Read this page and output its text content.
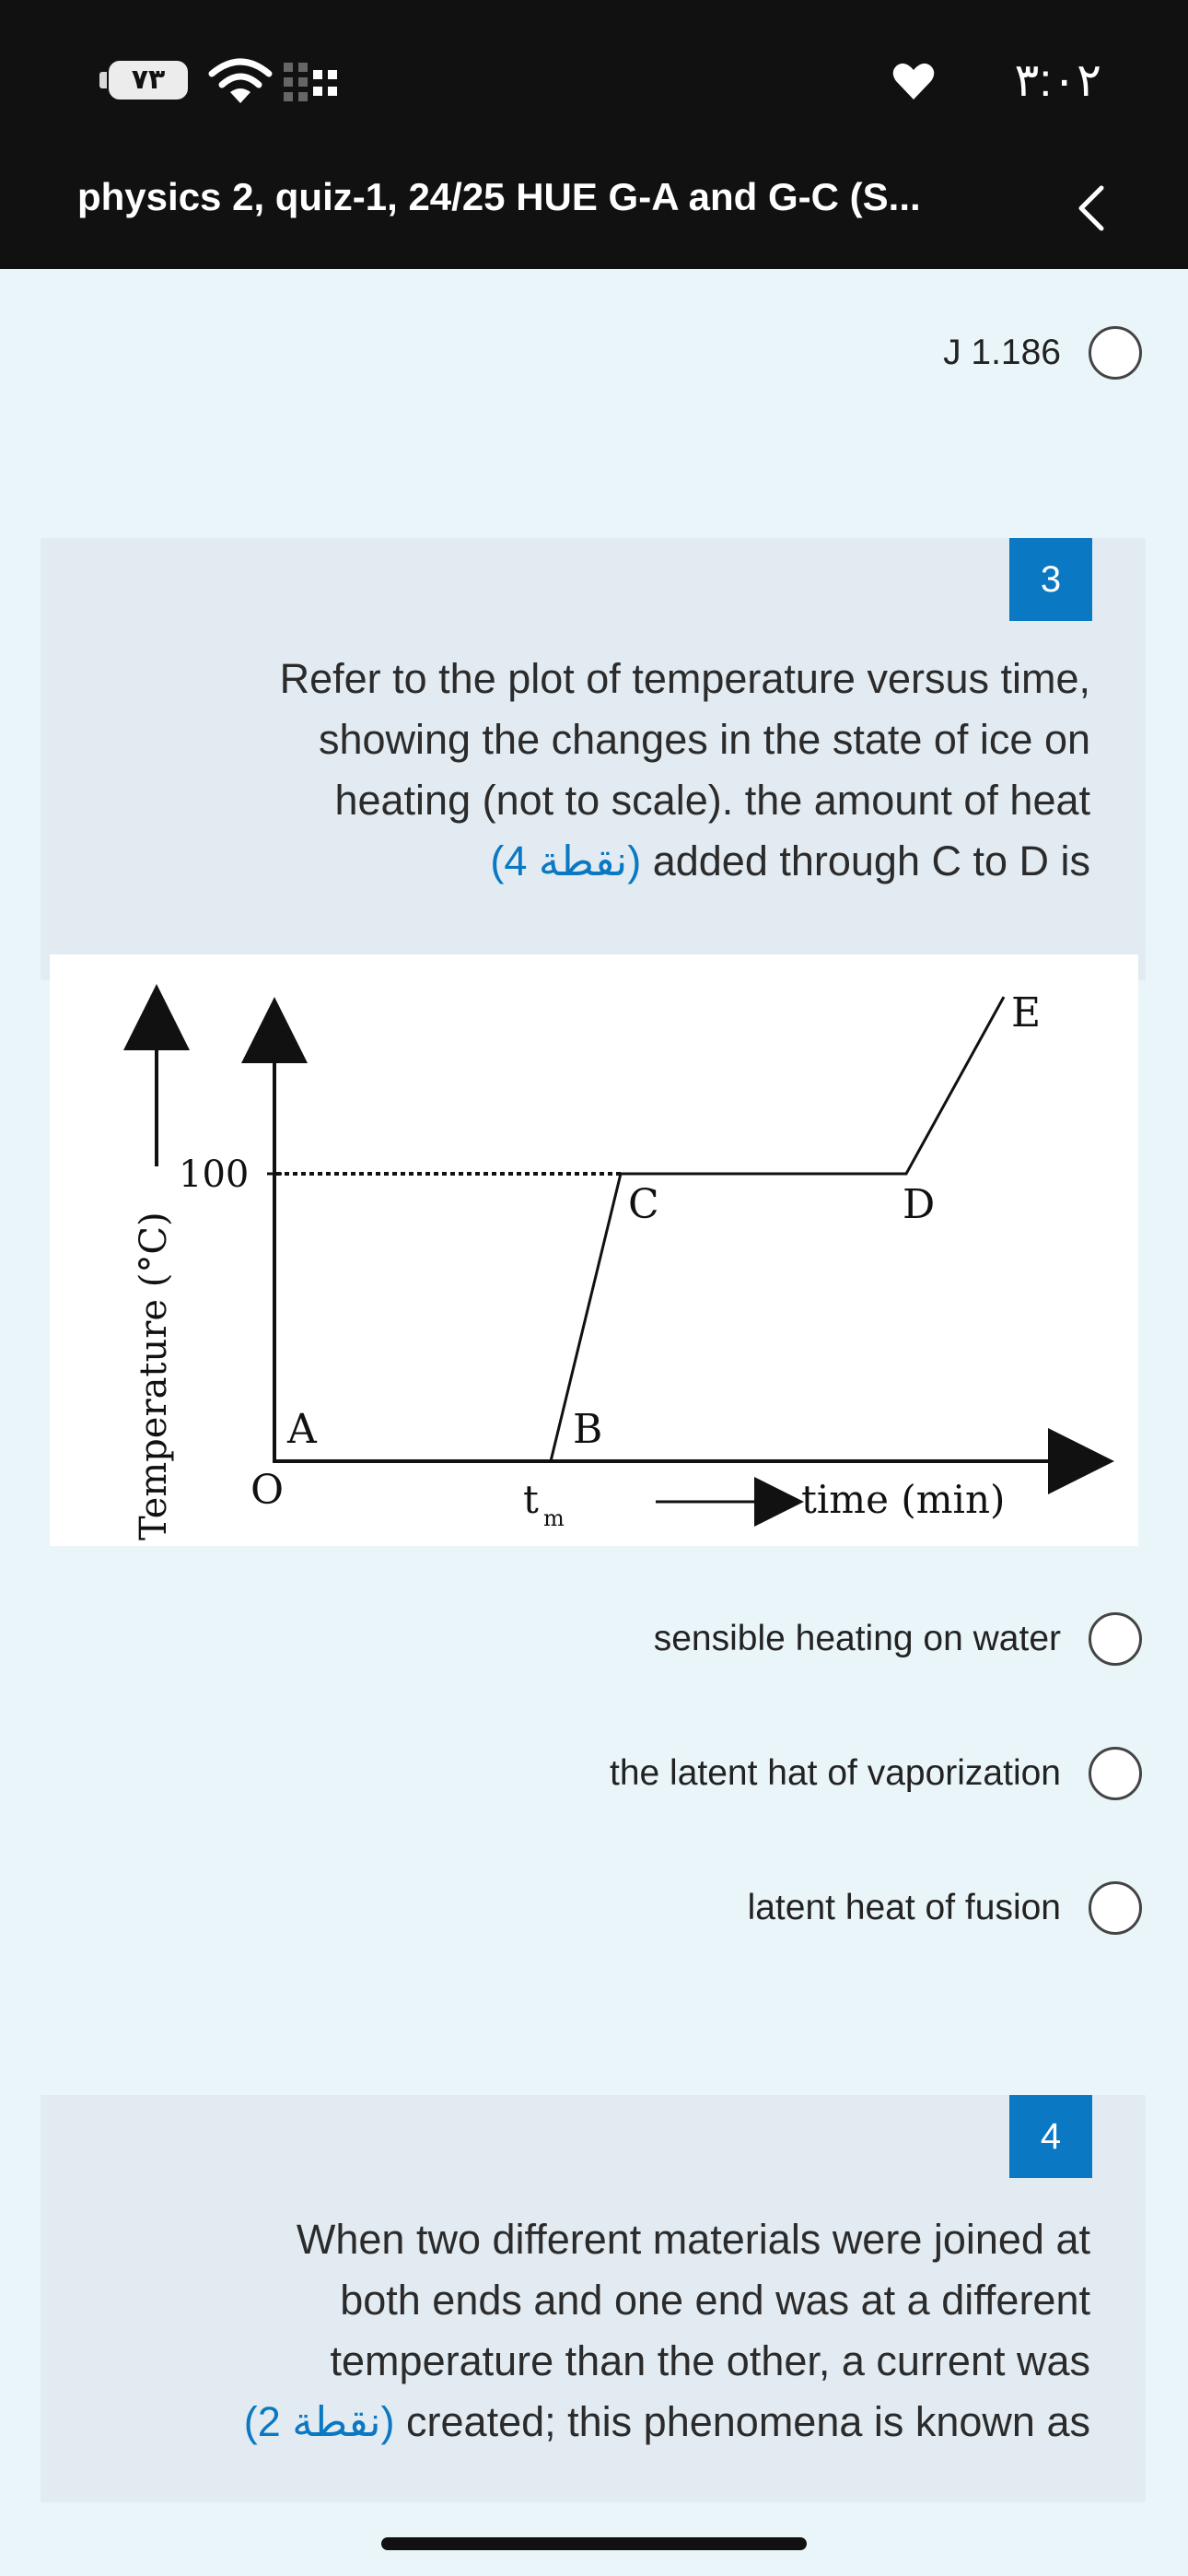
٧٣	٣:٠٢
physics 2, quiz-1, 24/25 HUE G-A and G-C (S...
J 1.186
3
Refer to the plot of temperature versus time,
showing the changes in the state of ice on
heating (not to scale). the amount of heat
(4 نقطة) added through C to D is
Temperature (°C)
100
O
A	B
C	D
E
t m	time (min)
sensible heating on water
the latent hat of vaporization
latent heat of fusion
4
When two different materials were joined at
both ends and one end was at a different
temperature than the other, a current was
(2 نقطة) created; this phenomena is known as
